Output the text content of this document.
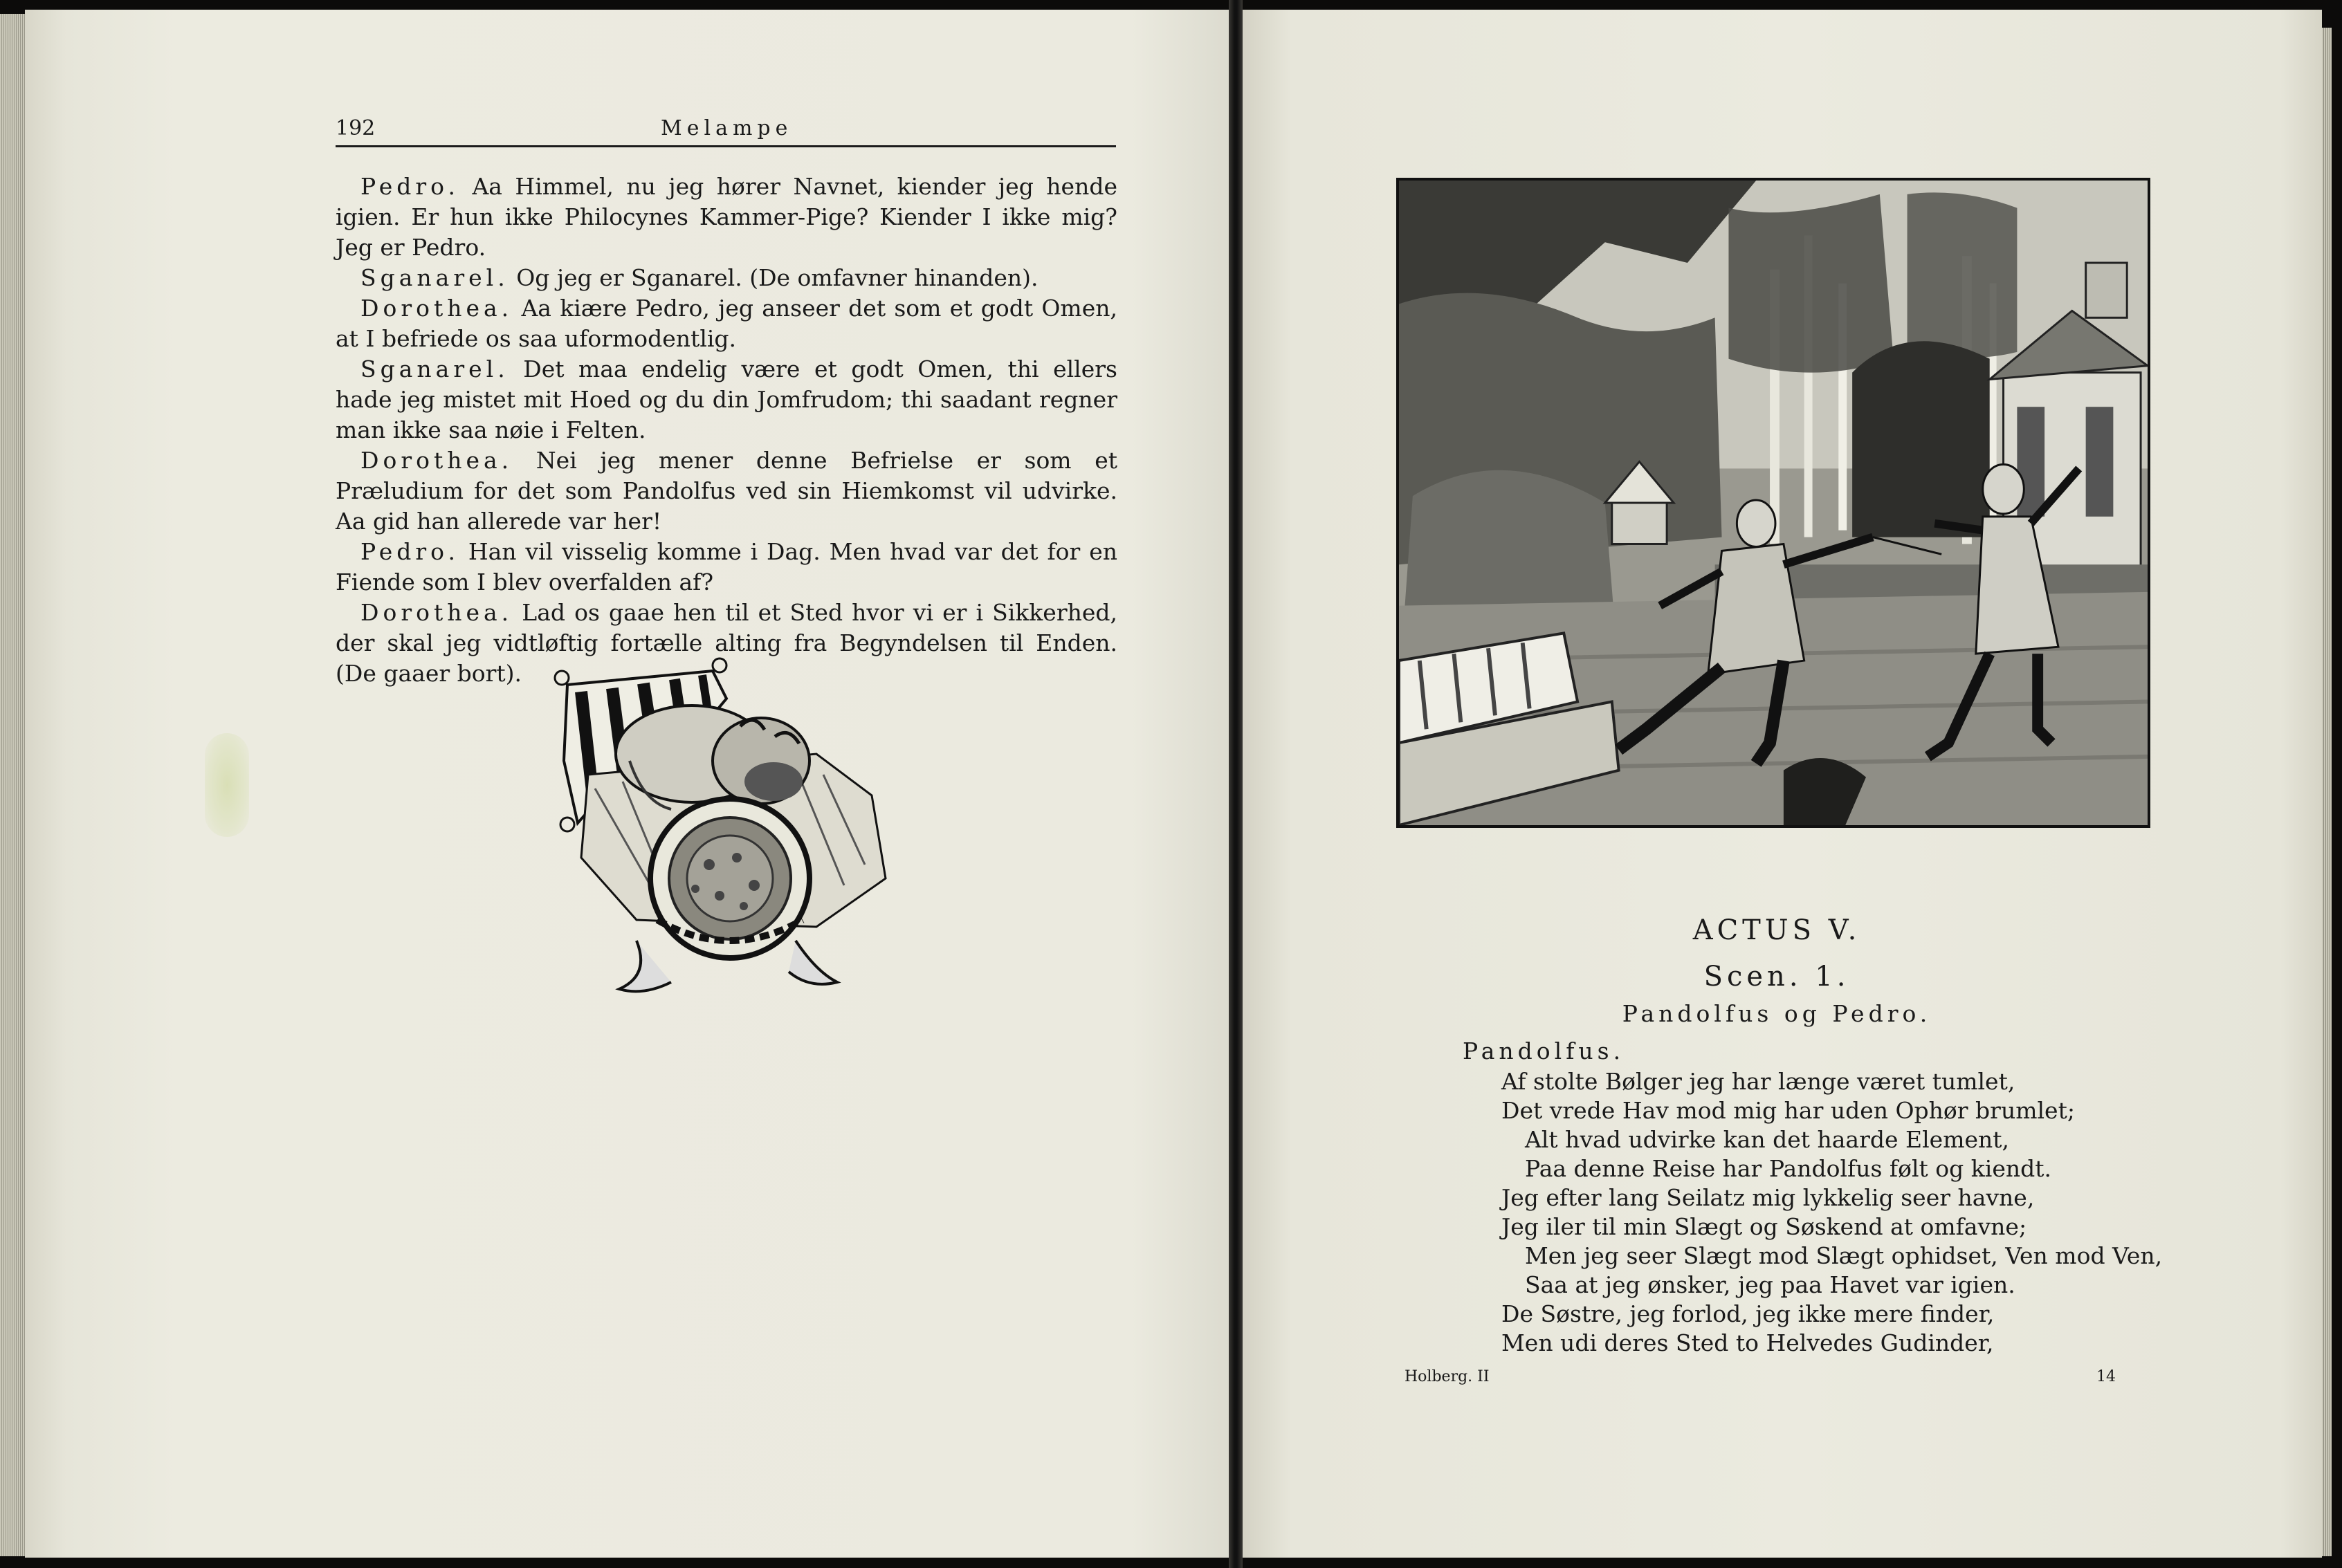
192	Melampe

Pedro. Aa Himmel, nu jeg hører Navnet, kiender jeg hende igien. Er hun ikke Philocynes Kammer-Pige? Kiender I ikke mig? Jeg er Pedro.

Sganarel. Og jeg er Sganarel. (De omfavner hinanden).

Dorothea. Aa kiære Pedro, jeg anseer det som et godt Omen, at I befriede os saa uformodentlig.

Sganarel. Det maa endelig være et godt Omen, thi ellers hade jeg mistet mit Hoed og du din Jomfrudom; thi saadant regner man ikke saa nøie i Felten.

Dorothea. Nei jeg mener denne Befrielse er som et Præludium for det som Pandolfus ved sin Hiemkomst vil udvirke. Aa gid han allerede var her!

Pedro. Han vil visselig komme i Dag. Men hvad var det for en Fiende som I blev overfalden af?

Dorothea. Lad os gaae hen til et Sted hvor vi er i Sikkerhed, der skal jeg vidtløftig fortælle alting fra Begyndelsen til Enden. (De gaaer bort).

ACTUS V.
Scen. 1.
Pandolfus og Pedro.
Pandolfus.
Af stolte Bølger jeg har længe været tumlet,
Det vrede Hav mod mig har uden Ophør brumlet;
Alt hvad udvirke kan det haarde Element,
Paa denne Reise har Pandolfus følt og kiendt.
Jeg efter lang Seilatz mig lykkelig seer havne,
Jeg iler til min Slægt og Søskend at omfavne;
Men jeg seer Slægt mod Slægt ophidset, Ven mod Ven,
Saa at jeg ønsker, jeg paa Havet var igien.
De Søstre, jeg forlod, jeg ikke mere finder,
Men udi deres Sted to Helvedes Gudinder,
Holberg. II	14
